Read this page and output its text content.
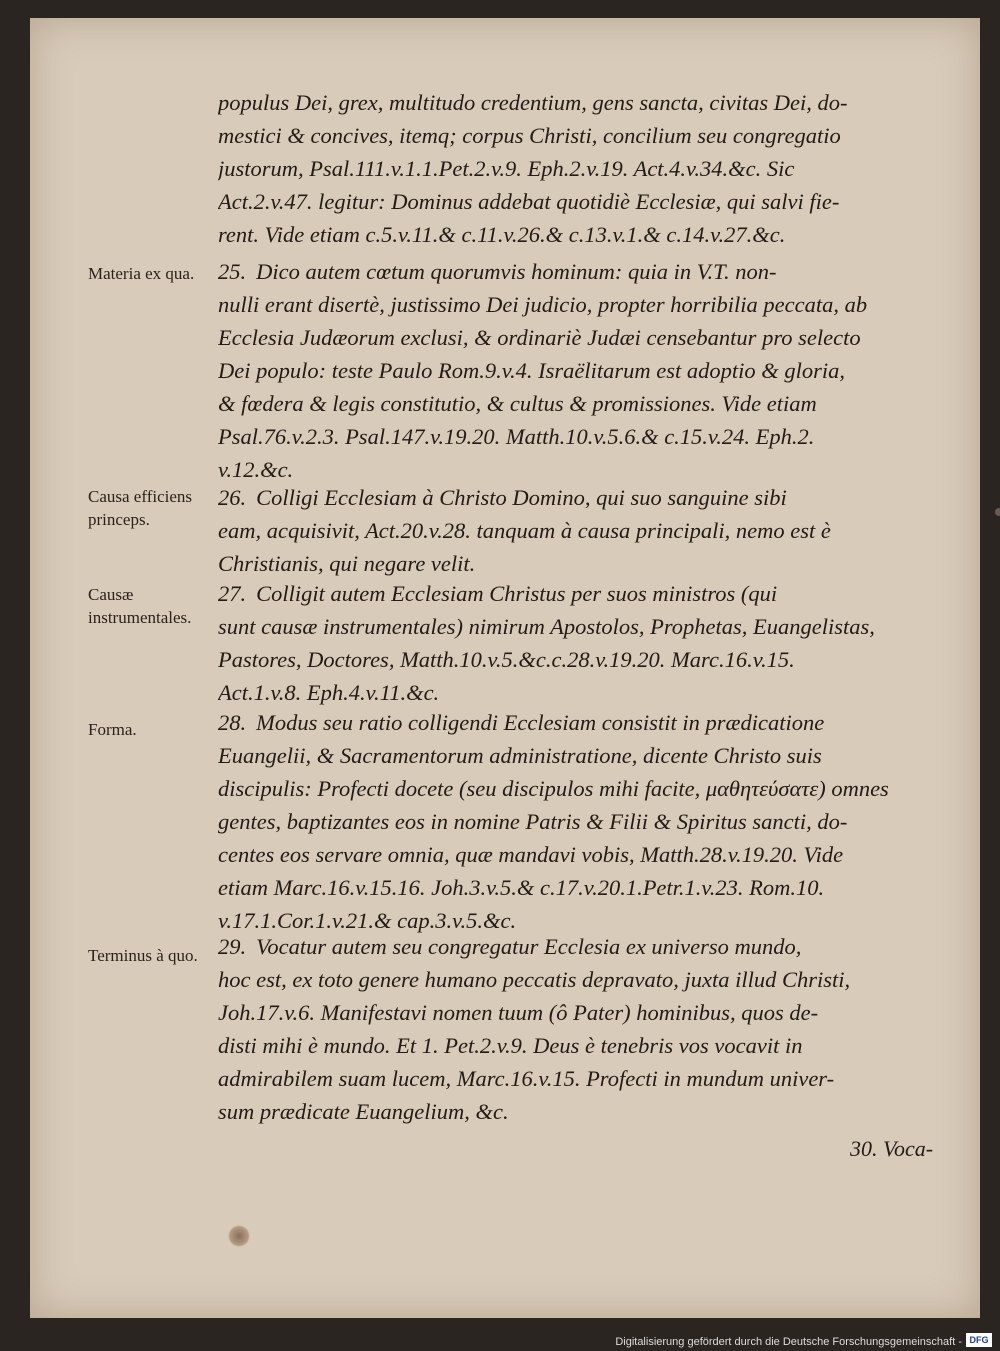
populus Dei, grex, multitudo credentium, gens sancta, civitas Dei, do-
mestici & concives, itemq; corpus Christi, concilium seu congregatio
justorum, Psal.111.v.1.1.Pet.2.v.9. Eph.2.v.19. Act.4.v.34.&c. Sic
Act.2.v.47. legitur: Dominus addebat quotidiè Ecclesiæ, qui salvi fie-
rent. Vide etiam c.5.v.11.& c.11.v.26.& c.13.v.1.& c.14.v.27.&c.
Materia ex qua.
Causa efficiens princeps.
Causæ instrumentales.
Forma.
Terminus à quo.
25. Dico autem cœtum quorumvis hominum: quia in V.T. non-
nulli erant disertè, justissimo Dei judicio, propter horribilia peccata, ab
Ecclesia Judæorum exclusi, & ordinariè Judæi censebantur pro selecto
Dei populo: teste Paulo Rom.9.v.4. Israëlitarum est adoptio & gloria,
& fœdera & legis constitutio, & cultus & promissiones. Vide etiam
Psal.76.v.2.3. Psal.147.v.19.20. Matth.10.v.5.6.& c.15.v.24. Eph.2.
v.12.&c.
26. Colligi Ecclesiam à Christo Domino, qui suo sanguine sibi
eam, acquisivit, Act.20.v.28. tanquam à causa principali, nemo est è
Christianis, qui negare velit.
27. Colligit autem Ecclesiam Christus per suos ministros (qui
sunt causæ instrumentales) nimirum Apostolos, Prophetas, Euangelistas,
Pastores, Doctores, Matth.10.v.5.&c.c.28.v.19.20. Marc.16.v.15.
Act.1.v.8. Eph.4.v.11.&c.
28. Modus seu ratio colligendi Ecclesiam consistit in prædicatione
Euangelii, & Sacramentorum administratione, dicente Christo suis
discipulis: Profecti docete (seu discipulos mihi facite, μαθητεύσατε) omnes
gentes, baptizantes eos in nomine Patris & Filii & Spiritus sancti, do-
centes eos servare omnia, quæ mandavi vobis, Matth.28.v.19.20. Vide
etiam Marc.16.v.15.16. Joh.3.v.5.& c.17.v.20.1.Petr.1.v.23. Rom.10.
v.17.1.Cor.1.v.21.& cap.3.v.5.&c.
29. Vocatur autem seu congregatur Ecclesia ex universo mundo,
hoc est, ex toto genere humano peccatis depravato, juxta illud Christi,
Joh.17.v.6. Manifestavi nomen tuum (ô Pater) hominibus, quos de-
disti mihi è mundo. Et 1. Pet.2.v.9. Deus è tenebris vos vocavit in
admirabilem suam lucem, Marc.16.v.15. Profecti in mundum univer-
sum prædicate Euangelium, &c.
30. Voca-
Digitalisierung gefördert durch die Deutsche Forschungsgemeinschaft - DFG
